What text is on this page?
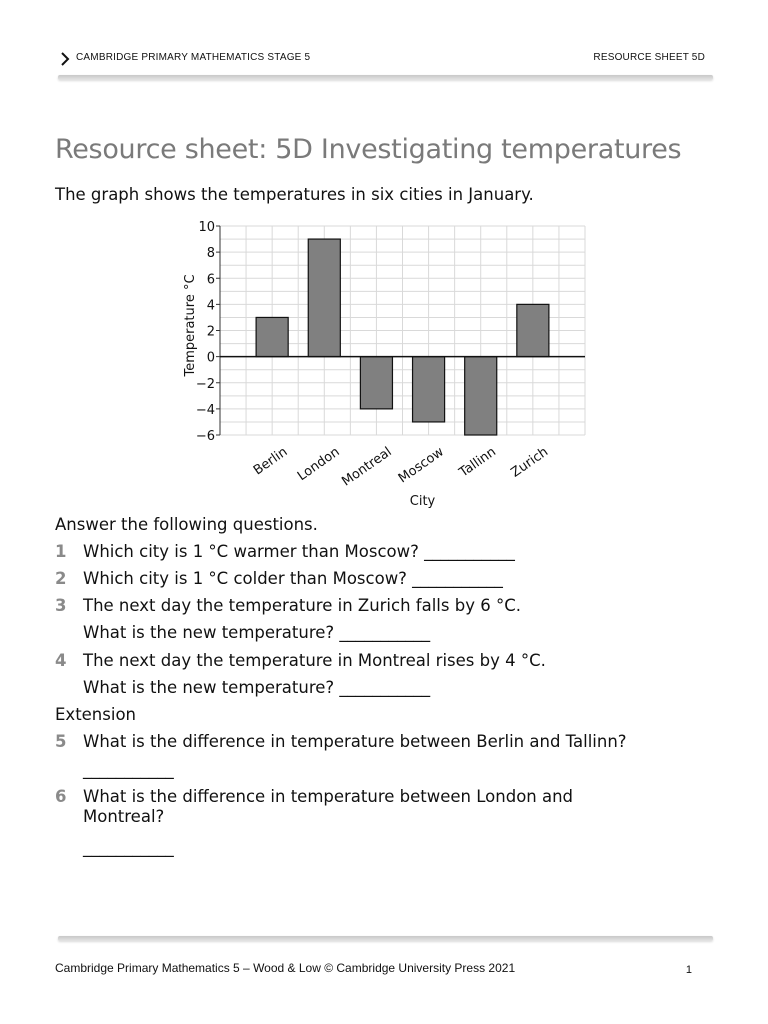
CAMBRIDGE PRIMARY MATHEMATICS STAGE 5	RESOURCE SHEET 5D
Resource sheet: 5D Investigating temperatures
The graph shows the temperatures in six cities in January.
10
8
6
4
2
0
−2
−4
−6
Berlin London
Montreal Moscow Tallinn Zurich
City
Temperature °C
Answer the following questions.
1 Which city is 1 °C warmer than Moscow? ___________
2 Which city is 1 °C colder than Moscow? ___________
3 The next day the temperature in Zurich falls by 6 °C.
What is the new temperature? ___________
4 The next day the temperature in Montreal rises by 4 °C.
What is the new temperature? ___________
Extension
5 What is the difference in temperature between Berlin and Tallinn?
___________
6 What is the difference in temperature between London and
Montreal?
___________
Cambridge Primary Mathematics 5 – Wood & Low © Cambridge University Press 2021	1
